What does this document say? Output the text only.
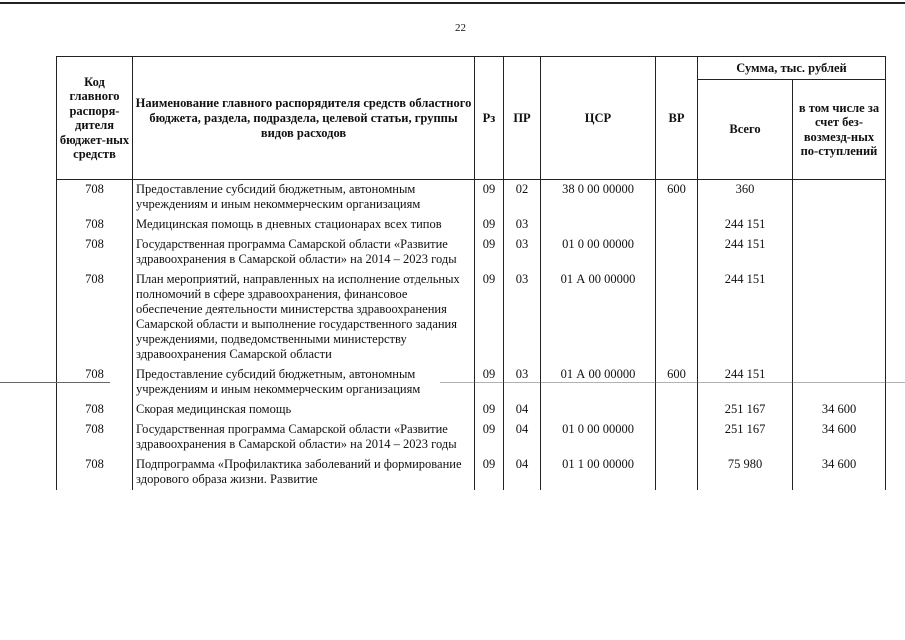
22
Код главного распоря-дителя бюджет-ных средств	Наименование главного распорядителя средств областного бюджета, раздела, подраздела, целевой статьи, группы видов расходов	Рз	ПР	ЦСР	ВР	Сумма, тыс. рублей	
						Всего	в том числе за счет без-возмезд-ных по-ступлений
708	Предоставление субсидий бюджетным, автономным учреждениям и иным некоммерческим организациям	09	02	38 0 00 00000	600	360	
708	Медицинская помощь в дневных стационарах всех типов	09	03			244 151	
708	Государственная программа Самарской области «Развитие здравоохранения в Самарской области» на 2014 – 2023 годы	09	03	01 0 00 00000		244 151	
708	План мероприятий, направленных на исполнение отдельных полномочий в сфере здравоохранения, финансовое обеспечение деятельности министерства здравоохранения Самарской области и выполнение государственного задания учреждениями, подведомственными министерству здравоохранения Самарской области	09	03	01 А 00 00000		244 151	
708	Предоставление субсидий бюджетным, автономным учреждениям и иным некоммерческим организациям	09	03	01 А 00 00000	600	244 151	
708	Скорая медицинская помощь	09	04			251 167	34 600
708	Государственная программа Самарской области «Развитие здравоохранения в Самарской области» на 2014 – 2023 годы	09	04	01 0 00 00000		251 167	34 600
708	Подпрограмма «Профилактика заболеваний и формирование здорового образа жизни. Развитие	09	04	01 1 00 00000		75 980	34 600
